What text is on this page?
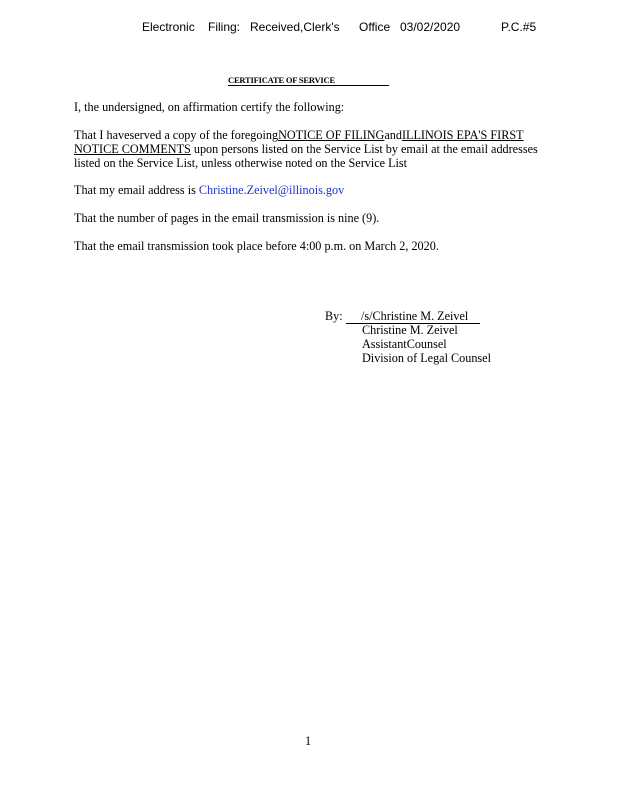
Electronic Filing: Received,Clerk's Office 03/02/2020	P.C.#5
CERTIFICATE OF SERVICE
I, the undersigned, on affirmation certify the following:
That I haveserved a copy of the foregoingNOTICE OF FILINGandILLINOIS EPA'S FIRST
NOTICE COMMENTS upon persons listed on the Service List by email at the email addresses
listed on the Service List, unless otherwise noted on the Service List
That my email address is Christine.Zeivel@illinois.gov
That the number of pages in the email transmission is nine (9).
That the email transmission took place before 4:00 p.m. on March 2, 2020.
By:	/s/Christine M. Zeivel
Christine M. Zeivel
AssistantCounsel
Division of Legal Counsel
1
